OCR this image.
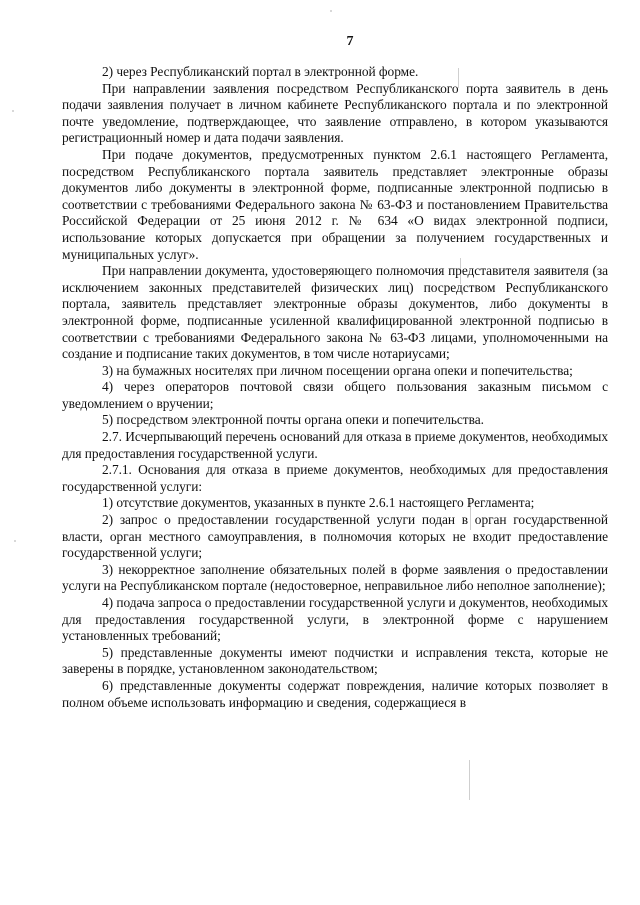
7

2) через Республиканский портал в электронной форме.

При направлении заявления посредством Республиканского порта заявитель в день подачи заявления получает в личном кабинете Республиканского портала и по электронной почте уведомление, подтверждающее, что заявление отправлено, в котором указываются регистрационный номер и дата подачи заявления.

При подаче документов, предусмотренных пунктом 2.6.1 настоящего Регламента, посредством Республиканского портала заявитель представляет электронные образы документов либо документы в электронной форме, подписанные электронной подписью в соответствии с требованиями Федерального закона № 63-ФЗ и постановлением Правительства Российской Федерации от 25 июня 2012 г. № 634 «О видах электронной подписи, использование которых допускается при обращении за получением государственных и муниципальных услуг».

При направлении документа, удостоверяющего полномочия представителя заявителя (за исключением законных представителей физических лиц) посредством Республиканского портала, заявитель представляет электронные образы документов, либо документы в электронной форме, подписанные усиленной квалифицированной электронной подписью в соответствии с требованиями Федерального закона № 63-ФЗ лицами, уполномоченными на создание и подписание таких документов, в том числе нотариусами;

3) на бумажных носителях при личном посещении органа опеки и попечительства;

4) через операторов почтовой связи общего пользования заказным письмом с уведомлением о вручении;

5) посредством электронной почты органа опеки и попечительства.

2.7. Исчерпывающий перечень оснований для отказа в приеме документов, необходимых для предоставления государственной услуги.

2.7.1. Основания для отказа в приеме документов, необходимых для предоставления государственной услуги:

1) отсутствие документов, указанных в пункте 2.6.1 настоящего Регламента;

2) запрос о предоставлении государственной услуги подан в орган государственной власти, орган местного самоуправления, в полномочия которых не входит предоставление государственной услуги;

3) некорректное заполнение обязательных полей в форме заявления о предоставлении услуги на Республиканском портале (недостоверное, неправильное либо неполное заполнение);

4) подача запроса о предоставлении государственной услуги и документов, необходимых для предоставления государственной услуги, в электронной форме с нарушением установленных требований;

5) представленные документы имеют подчистки и исправления текста, которые не заверены в порядке, установленном законодательством;

6) представленные документы содержат повреждения, наличие которых позволяет в полном объеме использовать информацию и сведения, содержащиеся в
